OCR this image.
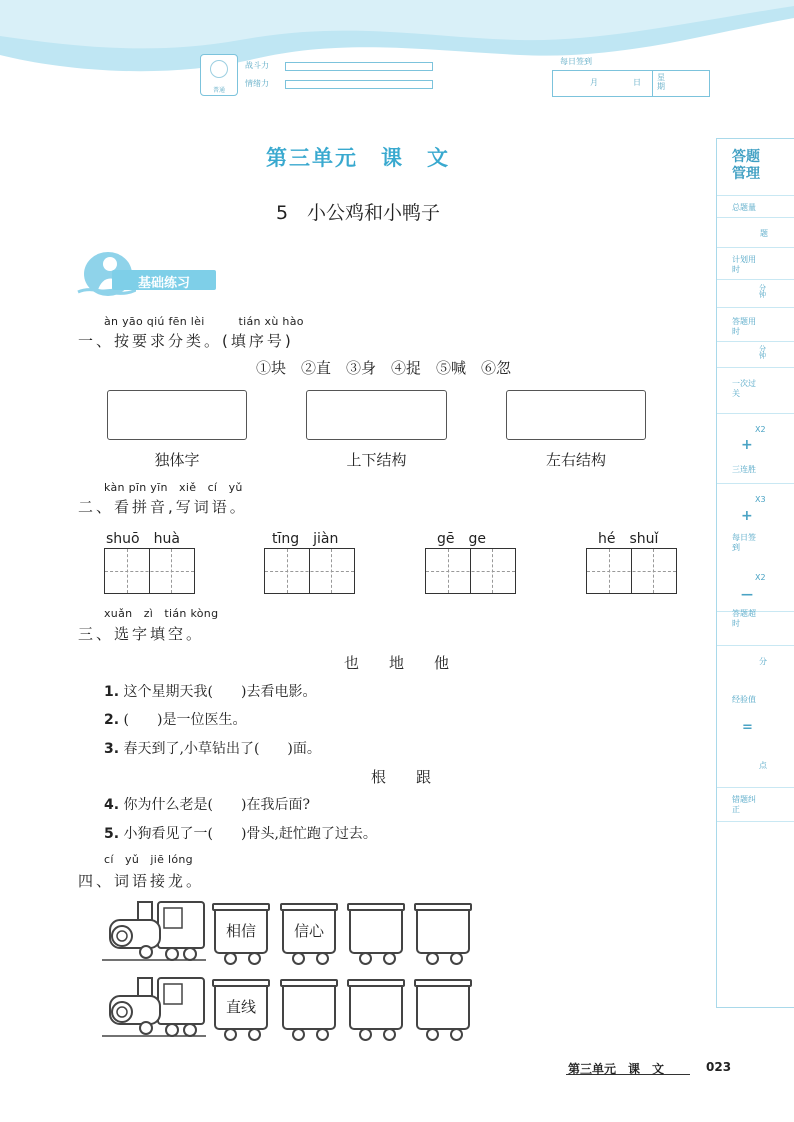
普通
战斗力
情绪力
每日签到
月	日
星期
答题管理
总题量
题
计划用时
分钟
答题用时
分钟
一次过关
X2
+
三连胜
X3
+
每日签到
X2
—
答题超时
分
经验值
=
点
错题纠正
第三单元　课　文
5　小公鸡和小鸭子
基础练习
àn yāo qiú fēn lèi　　　tián xù hào
一、按要求分类。(填序号)
①块　②直　③身　④捉　⑤喊　⑥忽
独体字	上下结构	左右结构
kàn pīn yīn　xiě　cí　yǔ
二、看拼音,写词语。
shuō　huà	tīng　jiàn	gē　ge	hé　shuǐ
xuǎn　zì　tián kòng
三、选字填空。
也　　地　　他
1. 这个星期天我(　　)去看电影。
2. (　　)是一位医生。
3. 春天到了,小草钻出了(　　)面。
根　　跟
4. 你为什么老是(　　)在我后面?
5. 小狗看见了一(　　)骨头,赶忙跑了过去。
cí　yǔ　jiē lóng
四、词语接龙。
相信	信心
直线
第三单元　课　文	023
